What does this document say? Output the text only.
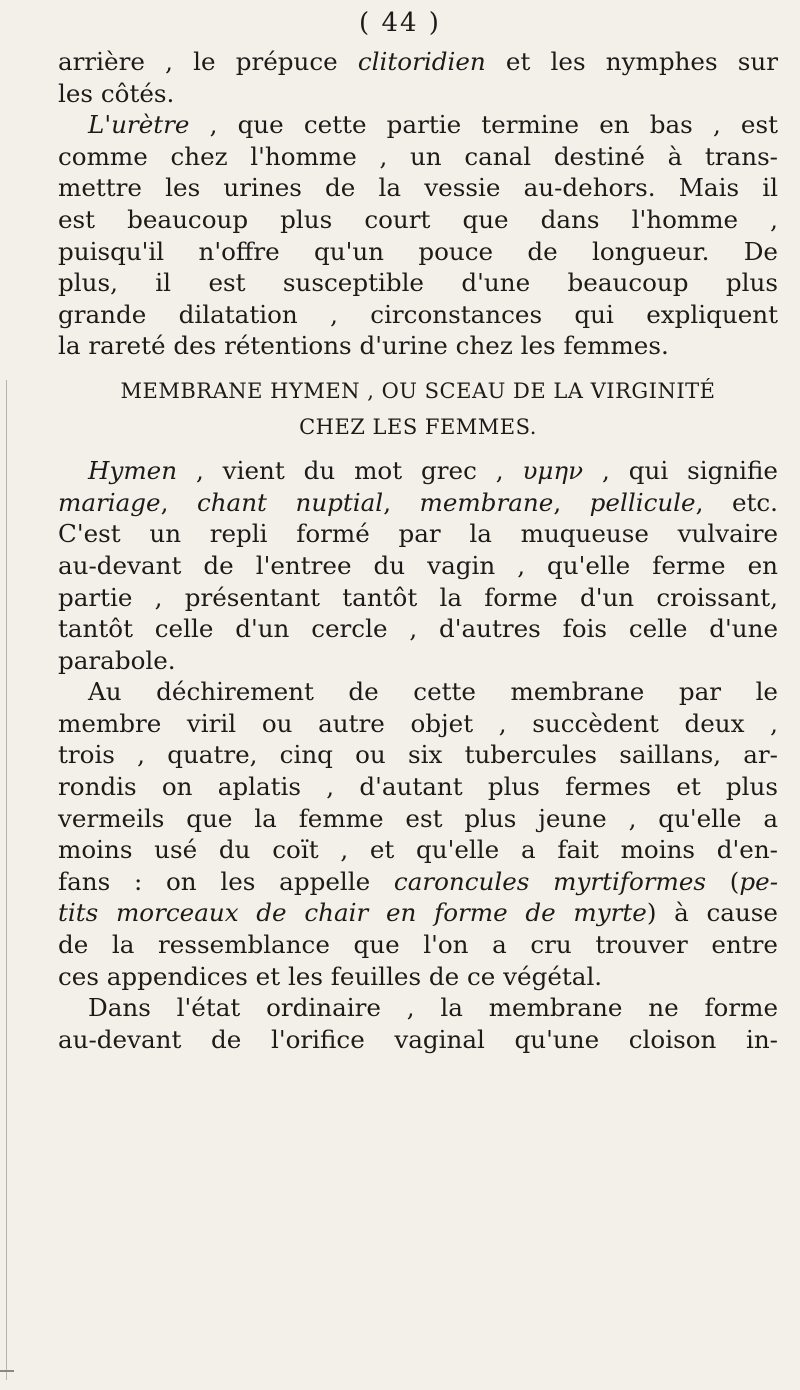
( 44 )
arrière , le prépuce clitoridien et les nymphes sur
les côtés.
L'urètre , que cette partie termine en bas , est
comme chez l'homme , un canal destiné à trans-
mettre les urines de la vessie au-dehors. Mais il
est beaucoup plus court que dans l'homme ,
puisqu'il n'offre qu'un pouce de longueur. De
plus, il est susceptible d'une beaucoup plus
grande dilatation , circonstances qui expliquent
la rareté des rétentions d'urine chez les femmes.
MEMBRANE HYMEN , OU SCEAU DE LA VIRGINITÉ
CHEZ LES FEMMES.
Hymen , vient du mot grec , υμην , qui signifie
mariage, chant nuptial, membrane, pellicule, etc.
C'est un repli formé par la muqueuse vulvaire
au-devant de l'entree du vagin , qu'elle ferme en
partie , présentant tantôt la forme d'un croissant,
tantôt celle d'un cercle , d'autres fois celle d'une
parabole.
Au déchirement de cette membrane par le
membre viril ou autre objet , succèdent deux ,
trois , quatre, cinq ou six tubercules saillans, ar-
rondis on aplatis , d'autant plus fermes et plus
vermeils que la femme est plus jeune , qu'elle a
moins usé du coït , et qu'elle a fait moins d'en-
fans : on les appelle caroncules myrtiformes (pe-
tits morceaux de chair en forme de myrte) à cause
de la ressemblance que l'on a cru trouver entre
ces appendices et les feuilles de ce végétal.
Dans l'état ordinaire , la membrane ne forme
au-devant de l'orifice vaginal qu'une cloison in-
